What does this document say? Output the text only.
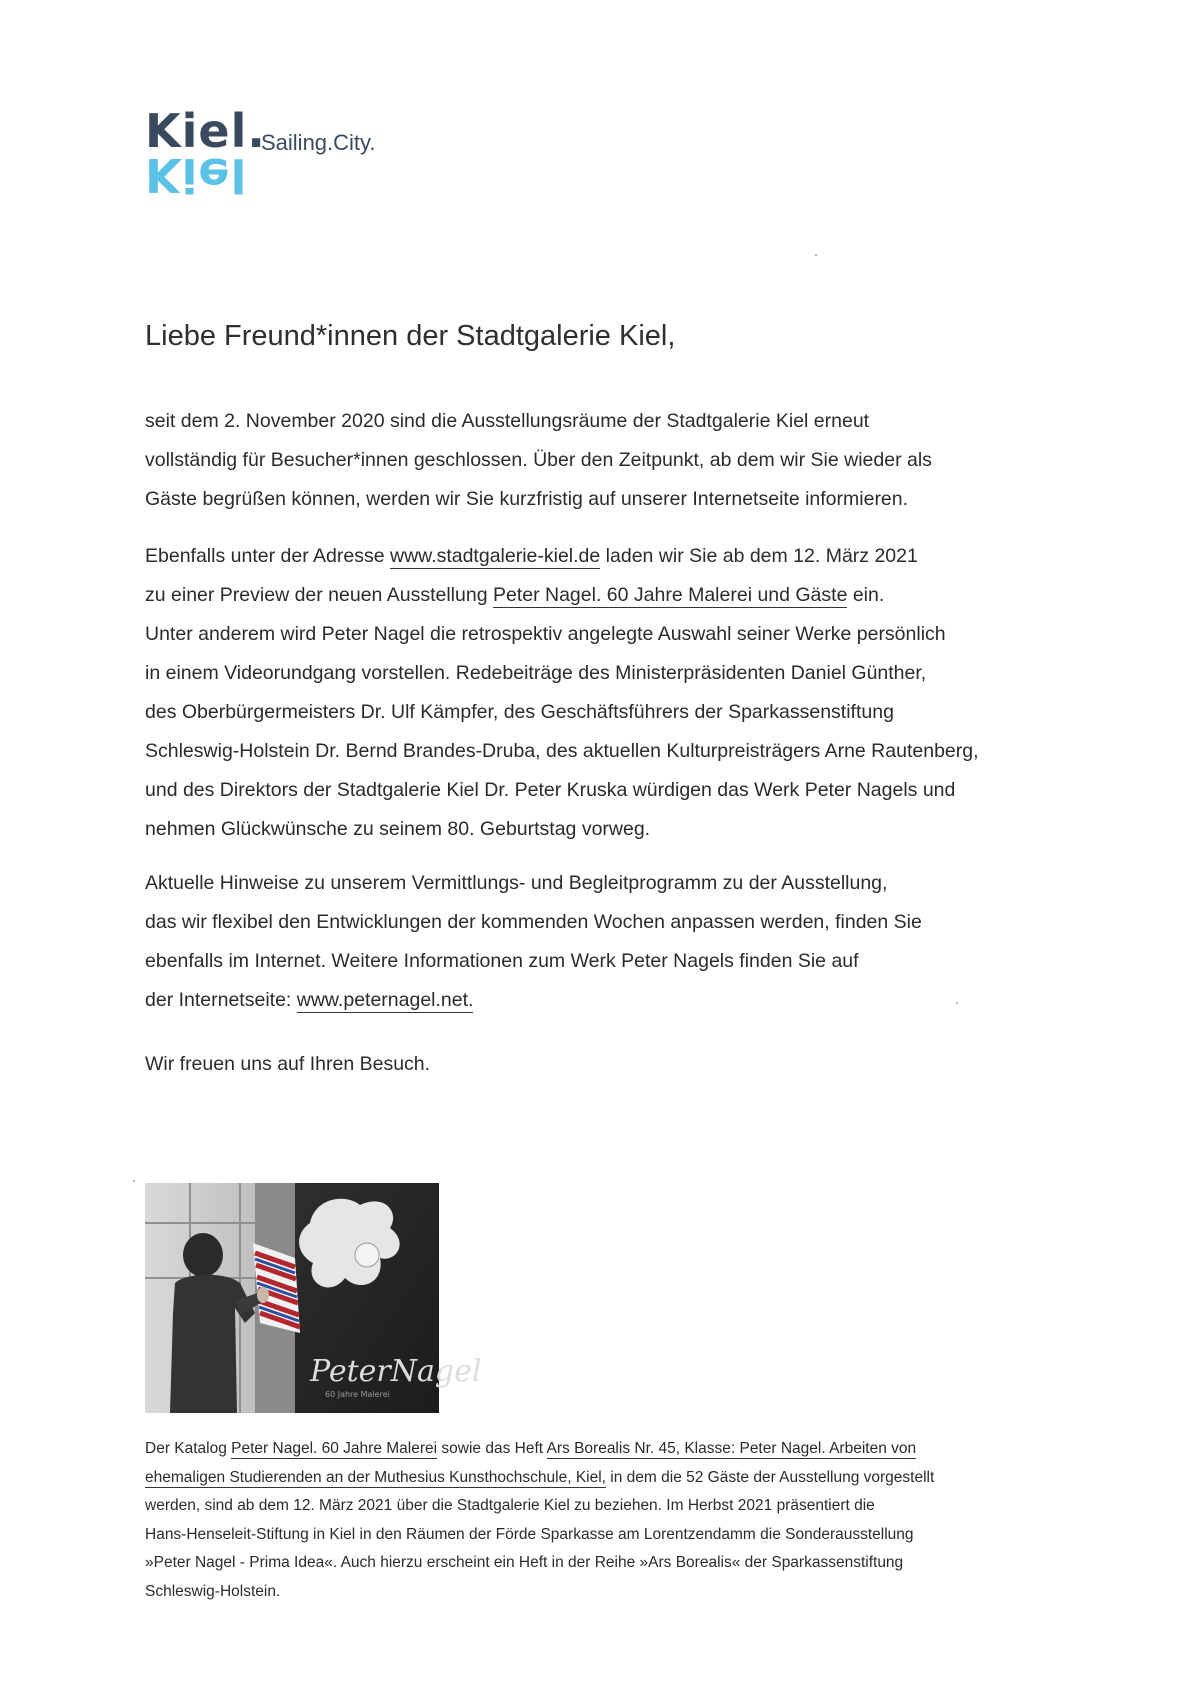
Kiel.
Kiel
Sailing.City.
Liebe Freund*innen der Stadtgalerie Kiel,
seit dem 2. November 2020 sind die Ausstellungsräume der Stadtgalerie Kiel erneut
vollständig für Besucher*innen geschlossen. Über den Zeitpunkt, ab dem wir Sie wieder als
Gäste begrüßen können, werden wir Sie kurzfristig auf unserer Internetseite informieren.
Ebenfalls unter der Adresse www.stadtgalerie-kiel.de laden wir Sie ab dem 12. März 2021
zu einer Preview der neuen Ausstellung Peter Nagel. 60 Jahre Malerei und Gäste ein.
Unter anderem wird Peter Nagel die retrospektiv angelegte Auswahl seiner Werke persönlich
in einem Videorundgang vorstellen. Redebeiträge des Ministerpräsidenten Daniel Günther,
des Oberbürgermeisters Dr. Ulf Kämpfer, des Geschäftsführers der Sparkassenstiftung
Schleswig-Holstein Dr. Bernd Brandes-Druba, des aktuellen Kulturpreisträgers Arne Rautenberg,
und des Direktors der Stadtgalerie Kiel Dr. Peter Kruska würdigen das Werk Peter Nagels und
nehmen Glückwünsche zu seinem 80. Geburtstag vorweg.
Aktuelle Hinweise zu unserem Vermittlungs- und Begleitprogramm zu der Ausstellung,
das wir flexibel den Entwicklungen der kommenden Wochen anpassen werden, finden Sie
ebenfalls im Internet. Weitere Informationen zum Werk Peter Nagels finden Sie auf
der Internetseite: www.peternagel.net.
Wir freuen uns auf Ihren Besuch.
PeterNagel
60 Jahre Malerei
Der Katalog Peter Nagel. 60 Jahre Malerei sowie das Heft Ars Borealis Nr. 45, Klasse: Peter Nagel. Arbeiten von
ehemaligen Studierenden an der Muthesius Kunsthochschule, Kiel, in dem die 52 Gäste der Ausstellung vorgestellt
werden, sind ab dem 12. März 2021 über die Stadtgalerie Kiel zu beziehen. Im Herbst 2021 präsentiert die
Hans-Henseleit-Stiftung in Kiel in den Räumen der Förde Sparkasse am Lorentzendamm die Sonderausstellung
»Peter Nagel - Prima Idea«. Auch hierzu erscheint ein Heft in der Reihe »Ars Borealis« der Sparkassenstiftung
Schleswig-Holstein.
